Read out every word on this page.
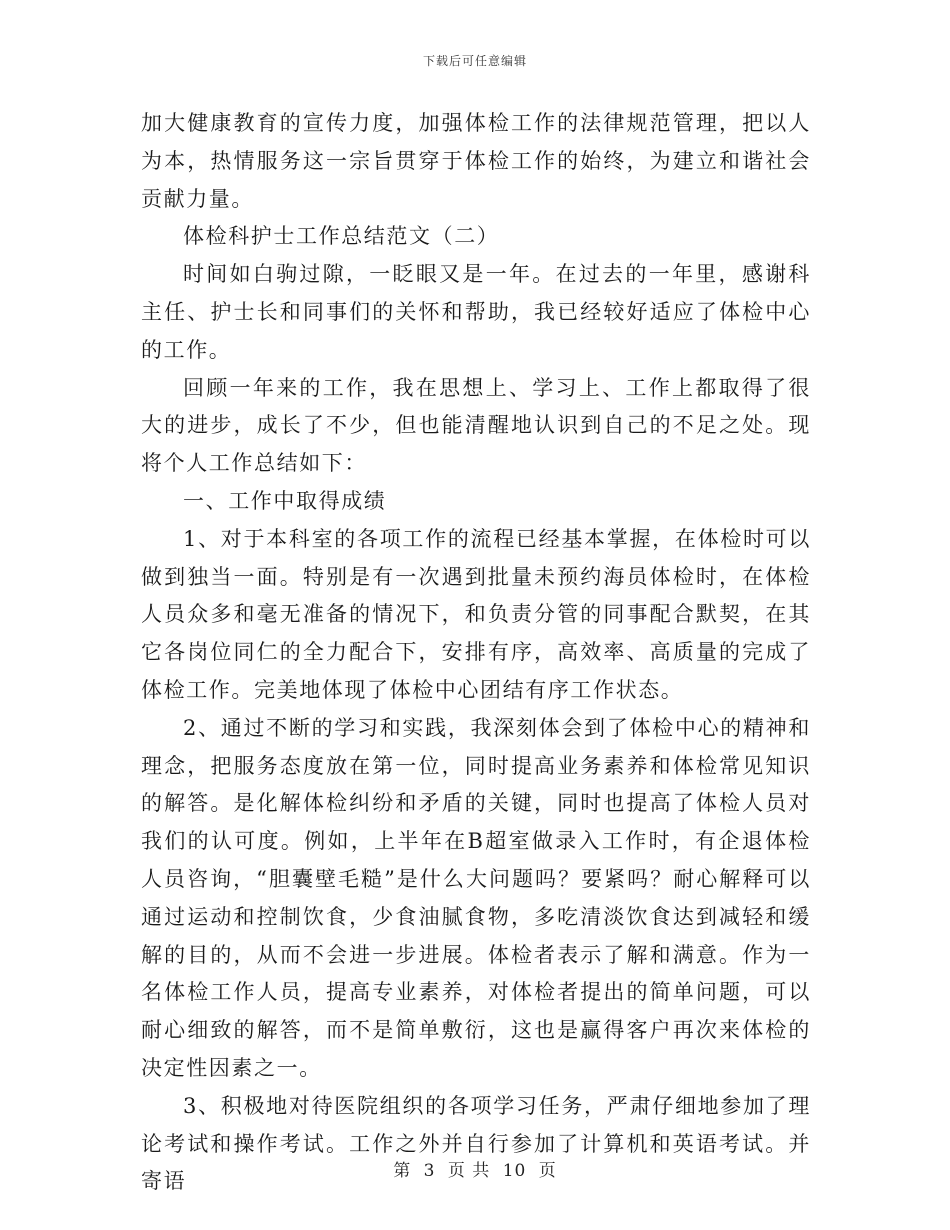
下载后可任意编辑

加大健康教育的宣传力度，加强体检工作的法律规范管理，把以人为本，热情服务这一宗旨贯穿于体检工作的始终，为建立和谐社会贡献力量。

体检科护士工作总结范文（二）

时间如白驹过隙，一眨眼又是一年。在过去的一年里，感谢科主任、护士长和同事们的关怀和帮助，我已经较好适应了体检中心的工作。

回顾一年来的工作，我在思想上、学习上、工作上都取得了很大的进步，成长了不少，但也能清醒地认识到自己的不足之处。现将个人工作总结如下：

一、工作中取得成绩

1、对于本科室的各项工作的流程已经基本掌握，在体检时可以做到独当一面。特别是有一次遇到批量未预约海员体检时，在体检人员众多和毫无准备的情况下，和负责分管的同事配合默契，在其它各岗位同仁的全力配合下，安排有序，高效率、高质量的完成了体检工作。完美地体现了体检中心团结有序工作状态。

2、通过不断的学习和实践，我深刻体会到了体检中心的精神和理念，把服务态度放在第一位，同时提高业务素养和体检常见知识的解答。是化解体检纠纷和矛盾的关键，同时也提高了体检人员对我们的认可度。例如，上半年在B超室做录入工作时，有企退体检人员咨询，“胆囊壁毛糙”是什么大问题吗？要紧吗？耐心解释可以通过运动和控制饮食，少食油腻食物，多吃清淡饮食达到减轻和缓解的目的，从而不会进一步进展。体检者表示了解和满意。作为一名体检工作人员，提高专业素养，对体检者提出的简单问题，可以耐心细致的解答，而不是简单敷衍，这也是赢得客户再次来体检的决定性因素之一。

3、积极地对待医院组织的各项学习任务，严肃仔细地参加了理论考试和操作考试。工作之外并自行参加了计算机和英语考试。并寄语	第 3 页 共 10 页
